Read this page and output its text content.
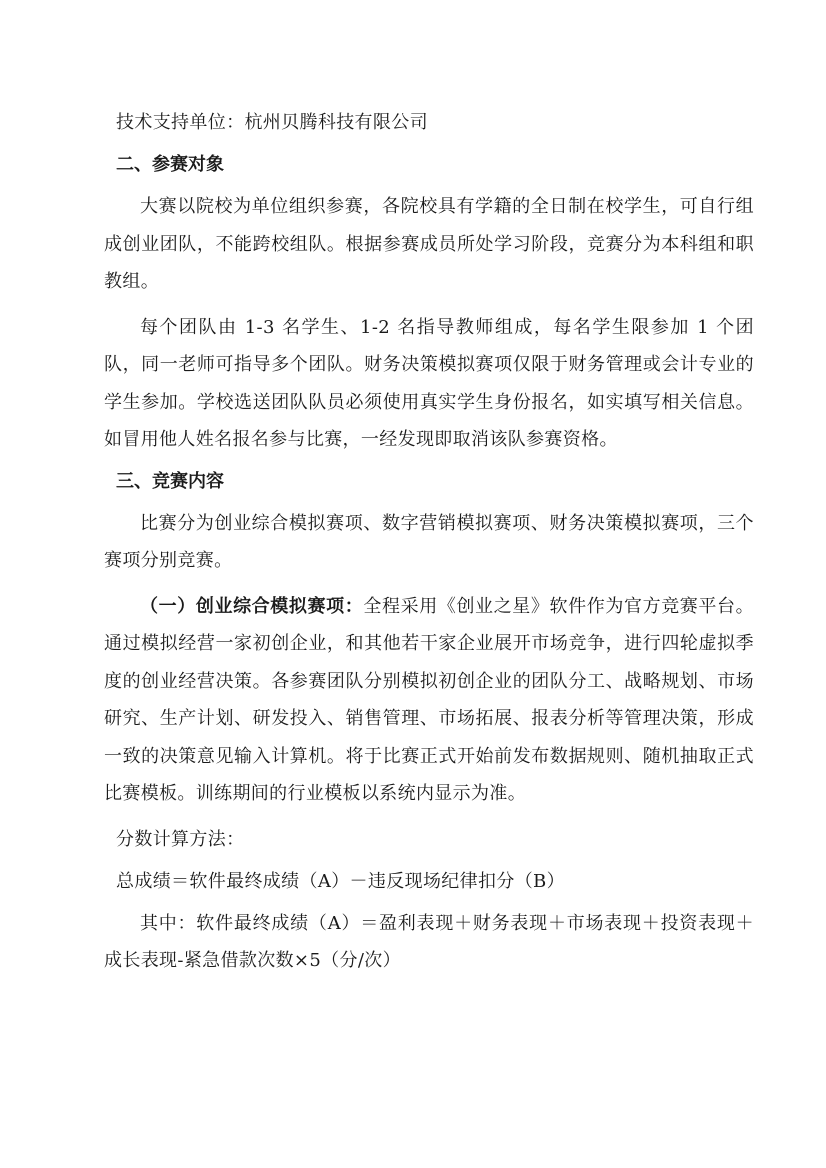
技术支持单位：杭州贝腾科技有限公司
二、参赛对象

大赛以院校为单位组织参赛，各院校具有学籍的全日制在校学生，可自行组成创业团队，不能跨校组队。根据参赛成员所处学习阶段，竞赛分为本科组和职教组。

每个团队由 1-3 名学生、1-2 名指导教师组成，每名学生限参加 1 个团队，同一老师可指导多个团队。财务决策模拟赛项仅限于财务管理或会计专业的学生参加。学校选送团队队员必须使用真实学生身份报名，如实填写相关信息。如冒用他人姓名报名参与比赛，一经发现即取消该队参赛资格。

三、竞赛内容

比赛分为创业综合模拟赛项、数字营销模拟赛项、财务决策模拟赛项，三个赛项分别竞赛。

（一）创业综合模拟赛项：全程采用《创业之星》软件作为官方竞赛平台。通过模拟经营一家初创企业，和其他若干家企业展开市场竞争，进行四轮虚拟季度的创业经营决策。各参赛团队分别模拟初创企业的团队分工、战略规划、市场研究、生产计划、研发投入、销售管理、市场拓展、报表分析等管理决策，形成一致的决策意见输入计算机。将于比赛正式开始前发布数据规则、随机抽取正式比赛模板。训练期间的行业模板以系统内显示为准。

分数计算方法：
总成绩＝软件最终成绩（A）－违反现场纪律扣分（B）

其中：软件最终成绩（A）＝盈利表现＋财务表现＋市场表现＋投资表现＋成长表现-紧急借款次数×5（分/次）
